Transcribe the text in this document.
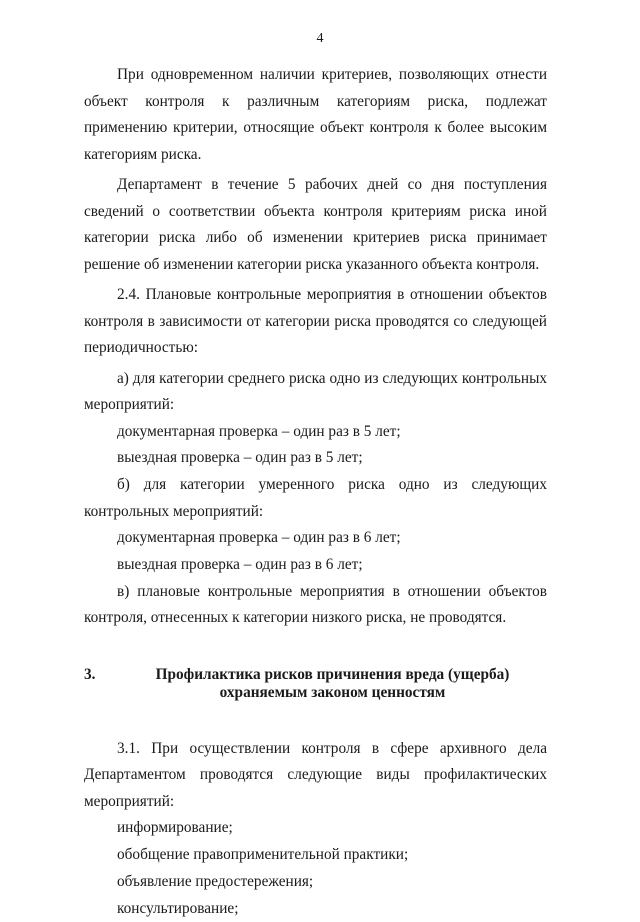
4

При одновременном наличии критериев, позволяющих отнести объект контроля к различным категориям риска, подлежат применению критерии, относящие объект контроля к более высоким категориям риска.

Департамент в течение 5 рабочих дней со дня поступления сведений о соответствии объекта контроля критериям риска иной категории риска либо об изменении критериев риска принимает решение об изменении категории риска указанного объекта контроля.

2.4. Плановые контрольные мероприятия в отношении объектов контроля в зависимости от категории риска проводятся со следующей периодичностью:

а) для категории среднего риска одно из следующих контрольных мероприятий:

документарная проверка – один раз в 5 лет;

выездная проверка – один раз в 5 лет;

б) для категории умеренного риска одно из следующих контрольных мероприятий:

документарная проверка – один раз в 6 лет;

выездная проверка – один раз в 6 лет;

в) плановые контрольные мероприятия в отношении объектов контроля, отнесенных к категории низкого риска, не проводятся.

3.	Профилактика рисков причинения вреда (ущерба) охраняемым законом ценностям

3.1. При осуществлении контроля в сфере архивного дела Департаментом проводятся следующие виды профилактических мероприятий:

информирование;

обобщение правоприменительной практики;

объявление предостережения;

консультирование;
